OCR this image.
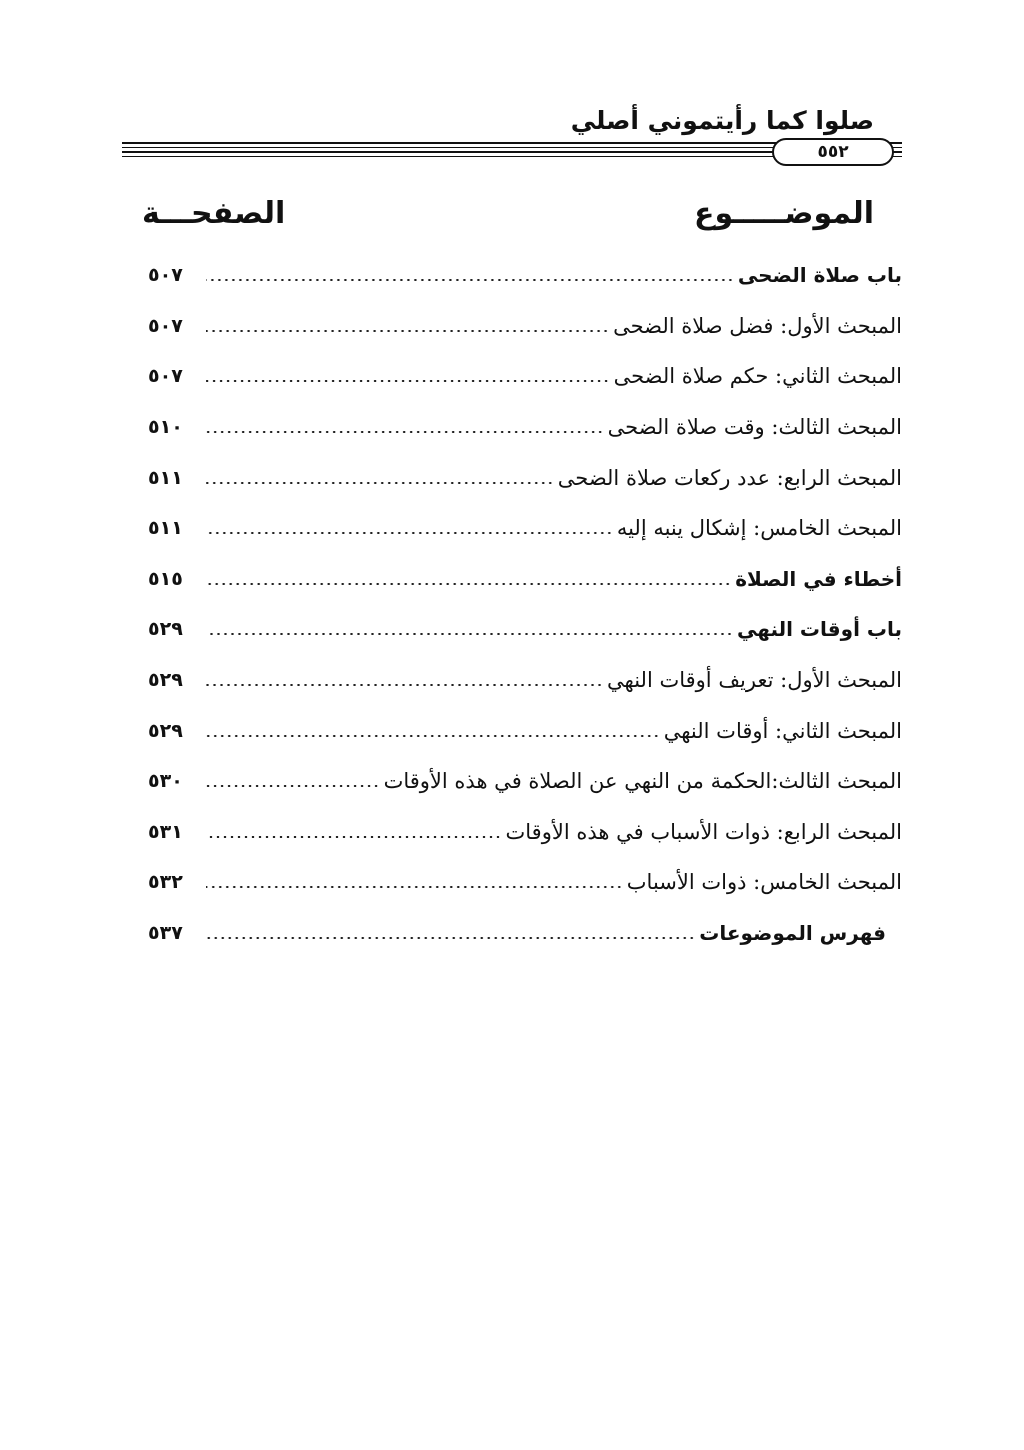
صلوا كما رأيتموني أصلي
٥٥٢
الموضـــــوع
الصفحـــة
باب صلاة الضحى
٥٠٧
المبحث الأول: فضل صلاة الضحى
٥٠٧
المبحث الثاني: حكم صلاة الضحى
٥٠٧
المبحث الثالث: وقت صلاة الضحى
٥١٠
المبحث الرابع: عدد ركعات صلاة الضحى
٥١١
المبحث الخامس: إشكال ينبه إليه
٥١١
أخطاء في الصلاة
٥١٥
باب أوقات النهي
٥٢٩
المبحث الأول: تعريف أوقات النهي
٥٢٩
المبحث الثاني: أوقات النهي
٥٢٩
المبحث الثالث:الحكمة من النهي عن الصلاة في هذه الأوقات
٥٣٠
المبحث الرابع: ذوات الأسباب في هذه الأوقات
٥٣١
المبحث الخامس: ذوات الأسباب
٥٣٢
فهرس الموضوعات
٥٣٧
